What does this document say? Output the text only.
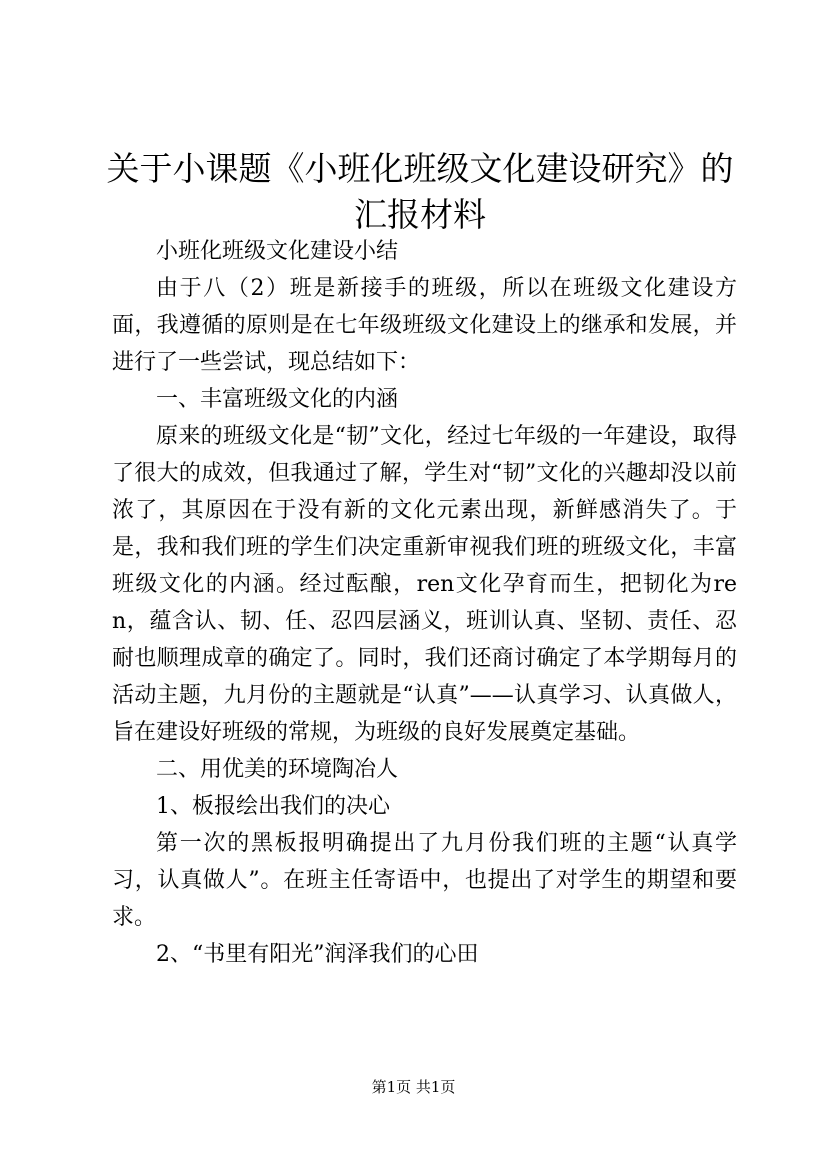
关于小课题《小班化班级文化建设研究》的汇报材料

小班化班级文化建设小结

由于八（2）班是新接手的班级，所以在班级文化建设方面，我遵循的原则是在七年级班级文化建设上的继承和发展，并进行了一些尝试，现总结如下：

一、丰富班级文化的内涵

原来的班级文化是“韧”文化，经过七年级的一年建设，取得了很大的成效，但我通过了解，学生对“韧”文化的兴趣却没以前浓了，其原因在于没有新的文化元素出现，新鲜感消失了。于是，我和我们班的学生们决定重新审视我们班的班级文化，丰富班级文化的内涵。经过酝酿，ren文化孕育而生，把韧化为ren，蕴含认、韧、任、忍四层涵义，班训认真、坚韧、责任、忍耐也顺理成章的确定了。同时，我们还商讨确定了本学期每月的活动主题，九月份的主题就是“认真”——认真学习、认真做人，旨在建设好班级的常规，为班级的良好发展奠定基础。

二、用优美的环境陶冶人

1、板报绘出我们的决心

第一次的黑板报明确提出了九月份我们班的主题“认真学习，认真做人”。在班主任寄语中，也提出了对学生的期望和要求。

2、“书里有阳光”润泽我们的心田

第1页 共1页
